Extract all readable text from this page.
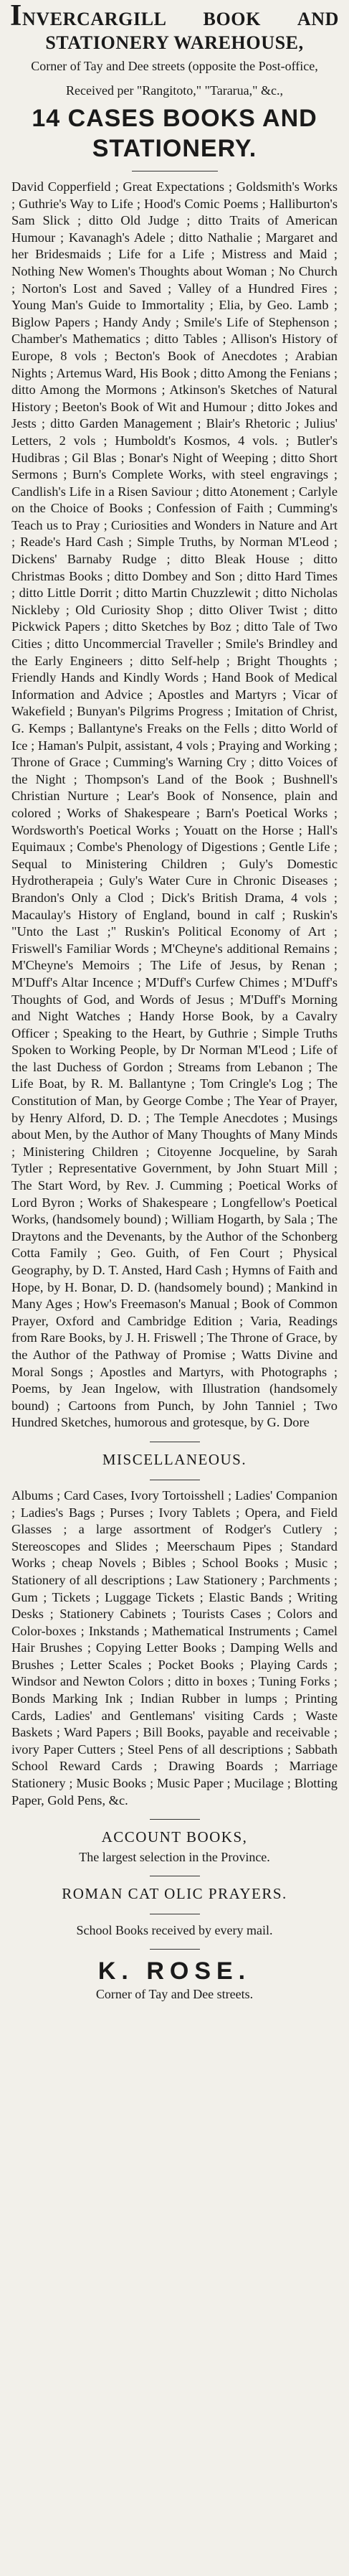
INVERCARGILL BOOK AND STATIONERY WAREHOUSE,

Corner of Tay and Dee streets (opposite the Post-office,

Received per "Rangitoto," "Tararua," &c.,

14 CASES BOOKS AND STATIONERY.

David Copperfield ; Great Expectations ; Goldsmith's Works ; Guthrie's Way to Life ; Hood's Comic Poems ; Halliburton's Sam Slick ; ditto Old Judge ; ditto Traits of American Humour ; Kavanagh's Adele ; ditto Nathalie ; Margaret and her Bridesmaids ; Life for a Life ; Mistress and Maid ; Nothing New Women's Thoughts about Woman ; No Church ; Norton's Lost and Saved ; Valley of a Hundred Fires ; Young Man's Guide to Immortality ; Elia, by Geo. Lamb ; Biglow Papers ; Handy Andy ; Smile's Life of Stephenson ; Chamber's Mathematics ; ditto Tables ; Allison's History of Europe, 8 vols ; Becton's Book of Anecdotes ; Arabian Nights ; Artemus Ward, His Book ; ditto Among the Fenians ; ditto Among the Mormons ; Atkinson's Sketches of Natural History ; Beeton's Book of Wit and Humour ; ditto Jokes and Jests ; ditto Garden Management ; Blair's Rhetoric ; Julius' Letters, 2 vols ; Humboldt's Kosmos, 4 vols. ; Butler's Hudibras ; Gil Blas ; Bonar's Night of Weeping ; ditto Short Sermons ; Burn's Complete Works, with steel engravings ; Candlish's Life in a Risen Saviour ; ditto Atonement ; Carlyle on the Choice of Books ; Confession of Faith ; Cumming's Teach us to Pray ; Curiosities and Wonders in Nature and Art ; Reade's Hard Cash ; Simple Truths, by Norman M'Leod ; Dickens' Barnaby Rudge ; ditto Bleak House ; ditto Christmas Books ; ditto Dombey and Son ; ditto Hard Times ; ditto Little Dorrit ; ditto Martin Chuzzlewit ; ditto Nicholas Nickleby ; Old Curiosity Shop ; ditto Oliver Twist ; ditto Pickwick Papers ; ditto Sketches by Boz ; ditto Tale of Two Cities ; ditto Uncommercial Traveller ; Smile's Brindley and the Early Engineers ; ditto Self-help ; Bright Thoughts ; Friendly Hands and Kindly Words ; Hand Book of Medical Information and Advice ; Apostles and Martyrs ; Vicar of Wakefield ; Bunyan's Pilgrims Progress ; Imitation of Christ, G. Kemps ; Ballantyne's Freaks on the Fells ; ditto World of Ice ; Haman's Pulpit, assistant, 4 vols ; Praying and Working ; Throne of Grace ; Cumming's Warning Cry ; ditto Voices of the Night ; Thompson's Land of the Book ; Bushnell's Christian Nurture ; Lear's Book of Nonsence, plain and colored ; Works of Shakespeare ; Barn's Poetical Works ; Wordsworth's Poetical Works ; Youatt on the Horse ; Hall's Equimaux ; Combe's Phenology of Digestions ; Gentle Life ; Sequal to Ministering Children ; Guly's Domestic Hydrotherapeia ; Guly's Water Cure in Chronic Diseases ; Brandon's Only a Clod ; Dick's British Drama, 4 vols ; Macaulay's History of England, bound in calf ; Ruskin's "Unto the Last ;" Ruskin's Political Economy of Art ; Friswell's Familiar Words ; M'Cheyne's additional Remains ; M'Cheyne's Memoirs ; The Life of Jesus, by Renan ; M'Duff's Altar Incence ; M'Duff's Curfew Chimes ; M'Duff's Thoughts of God, and Words of Jesus ; M'Duff's Morning and Night Watches ; Handy Horse Book, by a Cavalry Officer ; Speaking to the Heart, by Guthrie ; Simple Truths Spoken to Working People, by Dr Norman M'Leod ; Life of the last Duchess of Gordon ; Streams from Lebanon ; The Life Boat, by R. M. Ballantyne ; Tom Cringle's Log ; The Constitution of Man, by George Combe ; The Year of Prayer, by Henry Alford, D. D. ; The Temple Anecdotes ; Musings about Men, by the Author of Many Thoughts of Many Minds ; Ministering Children ; Citoyenne Jocqueline, by Sarah Tytler ; Representative Government, by John Stuart Mill ; The Start Word, by Rev. J. Cumming ; Poetical Works of Lord Byron ; Works of Shakespeare ; Longfellow's Poetical Works, (handsomely bound) ; William Hogarth, by Sala ; The Draytons and the Devenants, by the Author of the Schonberg Cotta Family ; Geo. Guith, of Fen Court ; Physical Geography, by D. T. Ansted, Hard Cash ; Hymns of Faith and Hope, by H. Bonar, D. D. (handsomely bound) ; Mankind in Many Ages ; How's Freemason's Manual ; Book of Common Prayer, Oxford and Cambridge Edition ; Varia, Readings from Rare Books, by J. H. Friswell ; The Throne of Grace, by the Author of the Pathway of Promise ; Watts Divine and Moral Songs ; Apostles and Martyrs, with Photographs ; Poems, by Jean Ingelow, with Illustration (handsomely bound) ; Cartoons from Punch, by John Tanniel ; Two Hundred Sketches, humorous and grotesque, by G. Dore

MISCELLANEOUS.

Albums ; Card Cases, Ivory Tortoisshell ; Ladies' Companion ; Ladies's Bags ; Purses ; Ivory Tablets ; Opera, and Field Glasses ; a large assortment of Rodger's Cutlery ; Stereoscopes and Slides ; Meerschaum Pipes ; Standard Works ; cheap Novels ; Bibles ; School Books ; Music ; Stationery of all descriptions ; Law Stationery ; Parchments ; Gum ; Tickets ; Luggage Tickets ; Elastic Bands ; Writing Desks ; Stationery Cabinets ; Tourists Cases ; Colors and Color-boxes ; Inkstands ; Mathematical Instruments ; Camel Hair Brushes ; Copying Letter Books ; Damping Wells and Brushes ; Letter Scales ; Pocket Books ; Playing Cards ; Windsor and Newton Colors ; ditto in boxes ; Tuning Forks ; Bonds Marking Ink ; Indian Rubber in lumps ; Printing Cards, Ladies' and Gentlemans' visiting Cards ; Waste Baskets ; Ward Papers ; Bill Books, payable and receivable ; ivory Paper Cutters ; Steel Pens of all descriptions ; Sabbath School Reward Cards ; Drawing Boards ; Marriage Stationery ; Music Books ; Music Paper ; Mucilage ; Blotting Paper, Gold Pens, &c.

ACCOUNT BOOKS,

The largest selection in the Province.

ROMAN CAT OLIC PRAYERS.

School Books received by every mail.

K. ROSE.

Corner of Tay and Dee streets.
